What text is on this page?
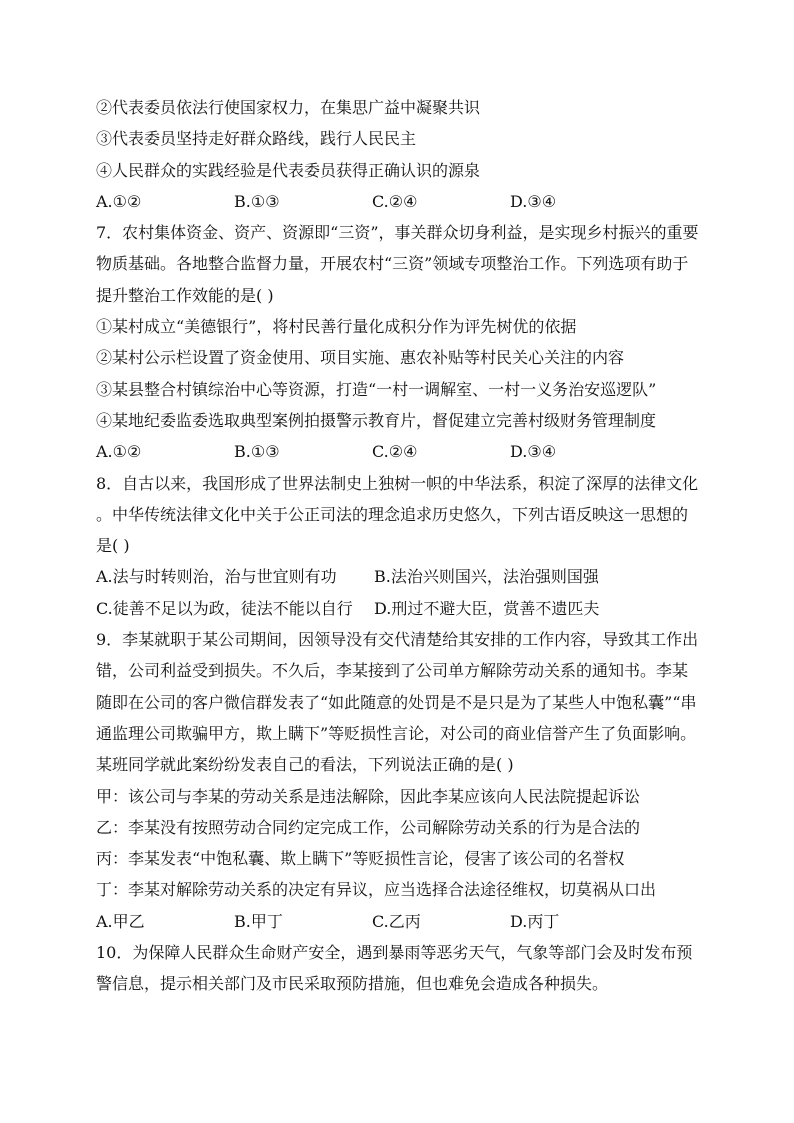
②代表委员依法行使国家权力，在集思广益中凝聚共识
③代表委员坚持走好群众路线，践行人民民主
④人民群众的实践经验是代表委员获得正确认识的源泉
A.①②	B.①③	C.②④	D.③④
7．农村集体资金、资产、资源即“三资”，事关群众切身利益，是实现乡村振兴的重要
物质基础。各地整合监督力量，开展农村“三资”领域专项整治工作。下列选项有助于
提升整治工作效能的是( )
①某村成立“美德银行”，将村民善行量化成积分作为评先树优的依据
②某村公示栏设置了资金使用、项目实施、惠农补贴等村民关心关注的内容
③某县整合村镇综治中心等资源，打造“一村一调解室、一村一义务治安巡逻队”
④某地纪委监委选取典型案例拍摄警示教育片，督促建立完善村级财务管理制度
A.①②	B.①③	C.②④	D.③④
8．自古以来，我国形成了世界法制史上独树一帜的中华法系，积淀了深厚的法律文化
。中华传统法律文化中关于公正司法的理念追求历史悠久，下列古语反映这一思想的
是( )
A.法与时转则治，治与世宜则有功	B.法治兴则国兴，法治强则国强
C.徒善不足以为政，徒法不能以自行	D.刑过不避大臣，赏善不遗匹夫
9．李某就职于某公司期间，因领导没有交代清楚给其安排的工作内容，导致其工作出
错，公司利益受到损失。不久后，李某接到了公司单方解除劳动关系的通知书。李某
随即在公司的客户微信群发表了“如此随意的处罚是不是只是为了某些人中饱私囊”“串
通监理公司欺骗甲方，欺上瞒下”等贬损性言论，对公司的商业信誉产生了负面影响。
某班同学就此案纷纷发表自己的看法，下列说法正确的是( )
甲：该公司与李某的劳动关系是违法解除，因此李某应该向人民法院提起诉讼
乙：李某没有按照劳动合同约定完成工作，公司解除劳动关系的行为是合法的
丙：李某发表“中饱私囊、欺上瞒下”等贬损性言论，侵害了该公司的名誉权
丁：李某对解除劳动关系的决定有异议，应当选择合法途径维权，切莫祸从口出
A.甲乙	B.甲丁	C.乙丙	D.丙丁
10．为保障人民群众生命财产安全，遇到暴雨等恶劣天气，气象等部门会及时发布预
警信息，提示相关部门及市民采取预防措施，但也难免会造成各种损失。
